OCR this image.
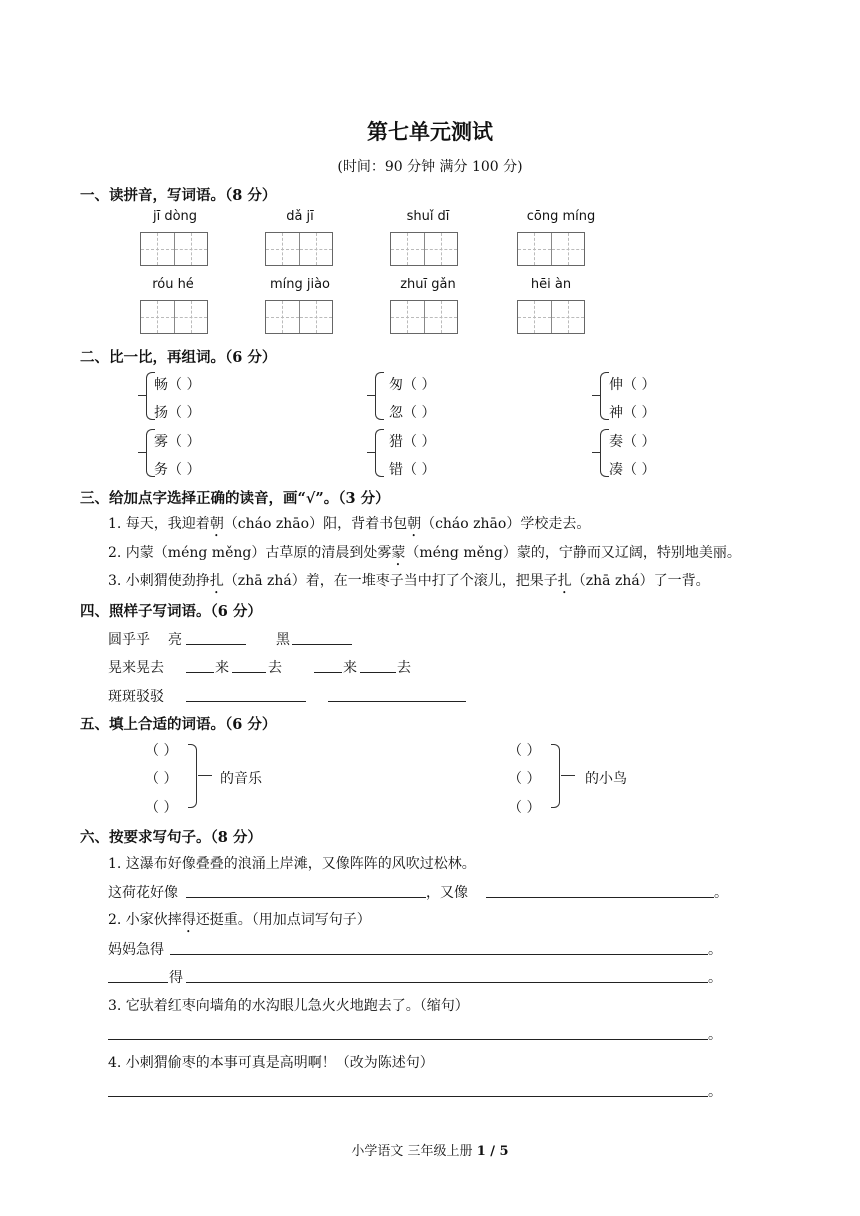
第七单元测试
(时间：90 分钟 满分 100 分)
一、读拼音，写词语。（8 分）
jī dòng	dǎ jī	shuǐ dī	cōng míng
róu hé	míng jiào	zhuī gǎn	hēi àn
二、比一比，再组词。（6 分）
畅（ ）
扬（ ）
匆（ ）
忽（ ）
伸（ ）
神（ ）
雾（ ）
务（ ）
猎（ ）
错（ ）
奏（ ）
凑（ ）
三、给加点字选择正确的读音，画“√”。（3 分）
1. 每天，我迎着朝（cháo zhāo）阳，背着书包朝（cháo zhāo）学校走去。
2. 内蒙（méng měng）古草原的清晨到处雾蒙（méng měng）蒙的，宁静而又辽阔，特别地美丽。
3. 小刺猬使劲挣扎（zhā zhá）着，在一堆枣子当中打了个滚儿，把果子扎（zhā zhá）了一背。
四、照样子写词语。（6 分）
圆乎乎 亮	黑
晃来晃去	来	去	来	去
斑斑驳驳
五、填上合适的词语。（6 分）
（ ）
（ ）
（ ）
的音乐
（ ）
（ ）
（ ）
的小鸟
六、按要求写句子。（8 分）
1. 这瀑布好像叠叠的浪涌上岸滩，又像阵阵的风吹过松林。
这荷花好像	，又像	。
2. 小家伙摔得还挺重。（用加点词写句子）
妈妈急得	。
得	。
3. 它驮着红枣向墙角的水沟眼儿急火火地跑去了。（缩句）
。
4. 小刺猬偷枣的本事可真是高明啊！（改为陈述句）
。
小学语文 三年级上册 1 / 5
